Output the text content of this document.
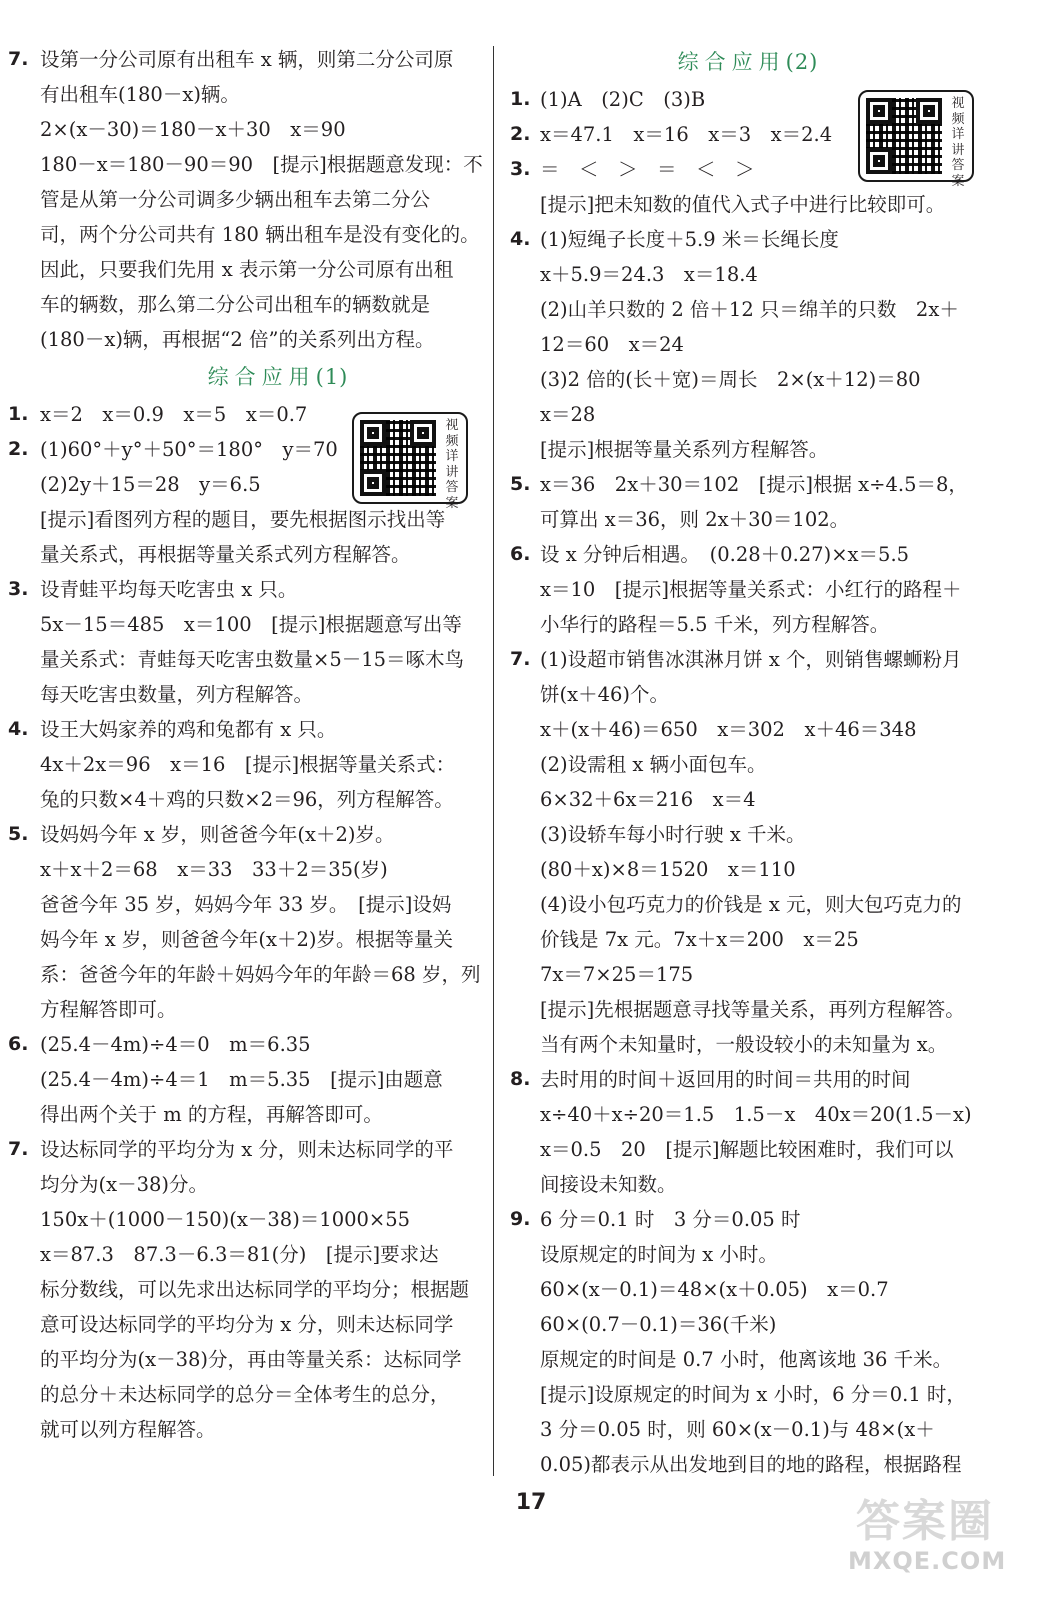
7. 设第一分公司原有出租车 x 辆，则第二分公司原
有出租车(180－x)辆。
2×(x－30)＝180－x＋30　x＝90
180－x＝180－90＝90　[提示]根据题意发现：不
管是从第一分公司调多少辆出租车去第二分公
司，两个分公司共有 180 辆出租车是没有变化的。
因此，只要我们先用 x 表示第一分公司原有出租
车的辆数，那么第二分公司出租车的辆数就是
(180－x)辆，再根据“2 倍”的关系列出方程。
综合应用(1)
1. x＝2　x＝0.9　x＝5　x＝0.7
2. (1)60°＋y°＋50°＝180°　y＝70
(2)2y＋15＝28　y＝6.5
[提示]看图列方程的题目，要先根据图示找出等
量关系式，再根据等量关系式列方程解答。
3. 设青蛙平均每天吃害虫 x 只。
5x－15＝485　x＝100　[提示]根据题意写出等
量关系式：青蛙每天吃害虫数量×5－15＝啄木鸟
每天吃害虫数量，列方程解答。
4. 设王大妈家养的鸡和兔都有 x 只。
4x＋2x＝96　x＝16　[提示]根据等量关系式：
兔的只数×4＋鸡的只数×2＝96，列方程解答。
5. 设妈妈今年 x 岁，则爸爸今年(x＋2)岁。
x＋x＋2＝68　x＝33　33＋2＝35(岁)
爸爸今年 35 岁，妈妈今年 33 岁。　[提示]设妈
妈今年 x 岁，则爸爸今年(x＋2)岁。根据等量关
系：爸爸今年的年龄＋妈妈今年的年龄＝68 岁，列
方程解答即可。
6. (25.4－4m)÷4＝0　m＝6.35
(25.4－4m)÷4＝1　m＝5.35　[提示]由题意
得出两个关于 m 的方程，再解答即可。
7. 设达标同学的平均分为 x 分，则未达标同学的平
均分为(x－38)分。
150x＋(1000－150)(x－38)＝1000×55
x＝87.3　87.3－6.3＝81(分)　[提示]要求达
标分数线，可以先求出达标同学的平均分；根据题
意可设达标同学的平均分为 x 分，则未达标同学
的平均分为(x－38)分，再由等量关系：达标同学
的总分＋未达标同学的总分＝全体考生的总分，
就可以列方程解答。
综合应用(2)
1. (1)A　(2)C　(3)B
2. x＝47.1　x＝16　x＝3　x＝2.4
3. ＝　＜　＞　＝　＜　＞
[提示]把未知数的值代入式子中进行比较即可。
4. (1)短绳子长度＋5.9 米＝长绳长度
x＋5.9＝24.3　x＝18.4
(2)山羊只数的 2 倍＋12 只＝绵羊的只数　2x＋
12＝60　x＝24
(3)2 倍的(长＋宽)＝周长　2×(x＋12)＝80
x＝28
[提示]根据等量关系列方程解答。
5. x＝36　2x＋30＝102　[提示]根据 x÷4.5＝8，
可算出 x＝36，则 2x＋30＝102。
6. 设 x 分钟后相遇。　(0.28＋0.27)×x＝5.5
x＝10　[提示]根据等量关系式：小红行的路程＋
小华行的路程＝5.5 千米，列方程解答。
7. (1)设超市销售冰淇淋月饼 x 个，则销售螺蛳粉月
饼(x＋46)个。
x＋(x＋46)＝650　x＝302　x＋46＝348
(2)设需租 x 辆小面包车。
6×32＋6x＝216　x＝4
(3)设轿车每小时行驶 x 千米。
(80＋x)×8＝1520　x＝110
(4)设小包巧克力的价钱是 x 元，则大包巧克力的
价钱是 7x 元。7x＋x＝200　x＝25
7x＝7×25＝175
[提示]先根据题意寻找等量关系，再列方程解答。
当有两个未知量时，一般设较小的未知量为 x。
8. 去时用的时间＋返回用的时间＝共用的时间
x÷40＋x÷20＝1.5　1.5－x　40x＝20(1.5－x)
x＝0.5　20　[提示]解题比较困难时，我们可以
间接设未知数。
9. 6 分＝0.1 时　3 分＝0.05 时
设原规定的时间为 x 小时。
60×(x－0.1)＝48×(x＋0.05)　x＝0.7
60×(0.7－0.1)＝36(千米)
原规定的时间是 0.7 小时，他离该地 36 千米。
[提示]设原规定的时间为 x 小时，6 分＝0.1 时，
3 分＝0.05 时，则 60×(x－0.1)与 48×(x＋
0.05)都表示从出发地到目的地的路程，根据路程
视频详讲答案
视频详讲答案
17	答案圈
MXQE.COM
